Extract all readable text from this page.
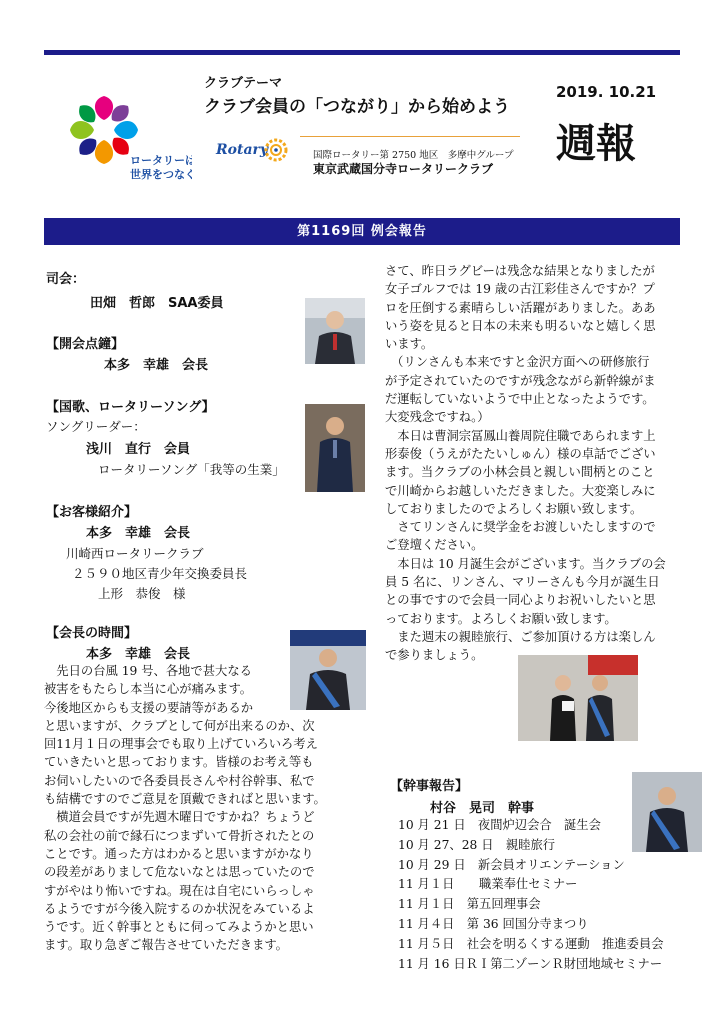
ロータリーは
世界をつなぐ
クラブテーマ
クラブ会員の「つながり」から始めよう
Rotary	国際ロータリー第 2750 地区　多摩中グループ
東京武蔵国分寺ロータリークラブ
2019. 10.21
週報
第1169回 例会報告
司会：
田畑　哲郎　SAA委員
【開会点鐘】
本多　幸雄　会長
【国歌、ロータリーソング】
ソングリーダー：
浅川　直行　会員
ロータリーソング「我等の生業」
【お客様紹介】
本多　幸雄　会長
川崎西ロータリークラブ
２５９０地区青少年交換委員長
上形　恭俊　様
【会長の時間】
本多　幸雄　会長

　先日の台風 19 号、各地で甚大なる

被害をもたらし本当に心が痛みます。

今後地区からも支援の要請等があるか

と思いますが、クラブとして何が出来るのか、次

回11月１日の理事会でも取り上げていろいろ考え

ていきたいと思っております。皆様のお考え等も

お伺いしたいので各委員長さんや村谷幹事、私で

も結構ですのでご意見を頂戴できればと思います。

　横道会員ですが先週木曜日ですかね？ちょうど

私の会社の前で縁石につまずいて骨折されたとの

ことです。通った方はわかると思いますがかなり

の段差がありまして危ないなとは思っていたので

すがやはり怖いですね。現在は自宅にいらっしゃ

るようですが今後入院するのか状況をみているよ

うです。近く幹事とともに伺ってみようかと思い

ます。取り急ぎご報告させていただきます。

さて、昨日ラグビーは残念な結果となりましたが

女子ゴルフでは 19 歳の古江彩佳さんですか？プ

ロを圧倒する素晴らしい活躍がありました。ああ

いう姿を見ると日本の未来も明るいなと嬉しく思

います。

　（リンさんも本来ですと金沢方面への研修旅行

が予定されていたのですが残念ながら新幹線がま

だ運転していないようで中止となったようです。

大変残念ですね。）

　本日は曹洞宗冨鳳山養周院住職であられます上

形泰俊（うえがたたいしゅん）様の卓話でござい

ます。当クラブの小林会員と親しい間柄とのこと

で川崎からお越しいただきました。大変楽しみに

しておりましたのでよろしくお願い致します。

　さてリンさんに奨学金をお渡しいたしますので

ご登壇ください。

　本日は 10 月誕生会がございます。当クラブの会

員 5 名に、リンさん、マリーさんも今月が誕生日

との事ですので会員一同心よりお祝いしたいと思

っております。よろしくお願い致します。

　また週末の親睦旅行、ご参加頂ける方は楽しん

で参りましょう。

【幹事報告】
村谷　晃司　幹事
10 月 21 日　夜間炉辺会合　誕生会
10 月 27、28 日　親睦旅行
10 月 29 日　新会員オリエンテーション
11 月１日　　職業奉仕セミナー
11 月１日　第五回理事会
11 月４日　第 36 回国分寺まつり
11 月５日　社会を明るくする運動　推進委員会
11 月 16 日ＲＩ第二ゾーンＲ財団地域セミナー
